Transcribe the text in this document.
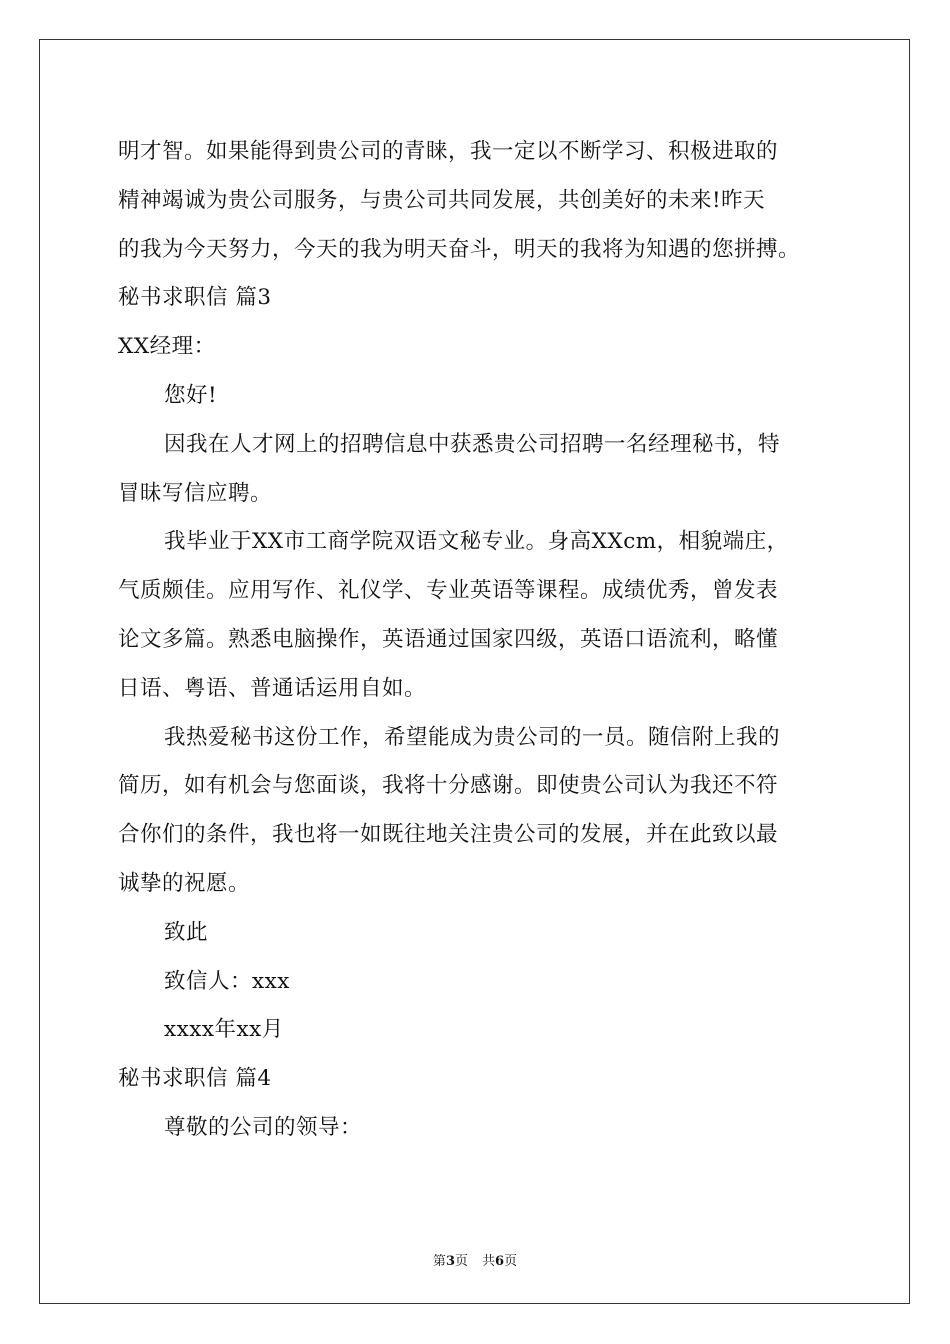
明才智。如果能得到贵公司的青睐，我一定以不断学习、积极进取的
精神竭诚为贵公司服务，与贵公司共同发展，共创美好的未来!昨天
的我为今天努力，今天的我为明天奋斗，明天的我将为知遇的您拼搏。
秘书求职信 篇3
XX经理：
您好!
因我在人才网上的招聘信息中获悉贵公司招聘一名经理秘书，特
冒昧写信应聘。
我毕业于XX市工商学院双语文秘专业。身高XXcm，相貌端庄，
气质颇佳。应用写作、礼仪学、专业英语等课程。成绩优秀，曾发表
论文多篇。熟悉电脑操作，英语通过国家四级，英语口语流利，略懂
日语、粤语、普通话运用自如。
我热爱秘书这份工作，希望能成为贵公司的一员。随信附上我的
简历，如有机会与您面谈，我将十分感谢。即使贵公司认为我还不符
合你们的条件，我也将一如既往地关注贵公司的发展，并在此致以最
诚挚的祝愿。
致此
致信人：xxx
xxxx年xx月
秘书求职信 篇4
尊敬的公司的领导：
第3页 共6页
